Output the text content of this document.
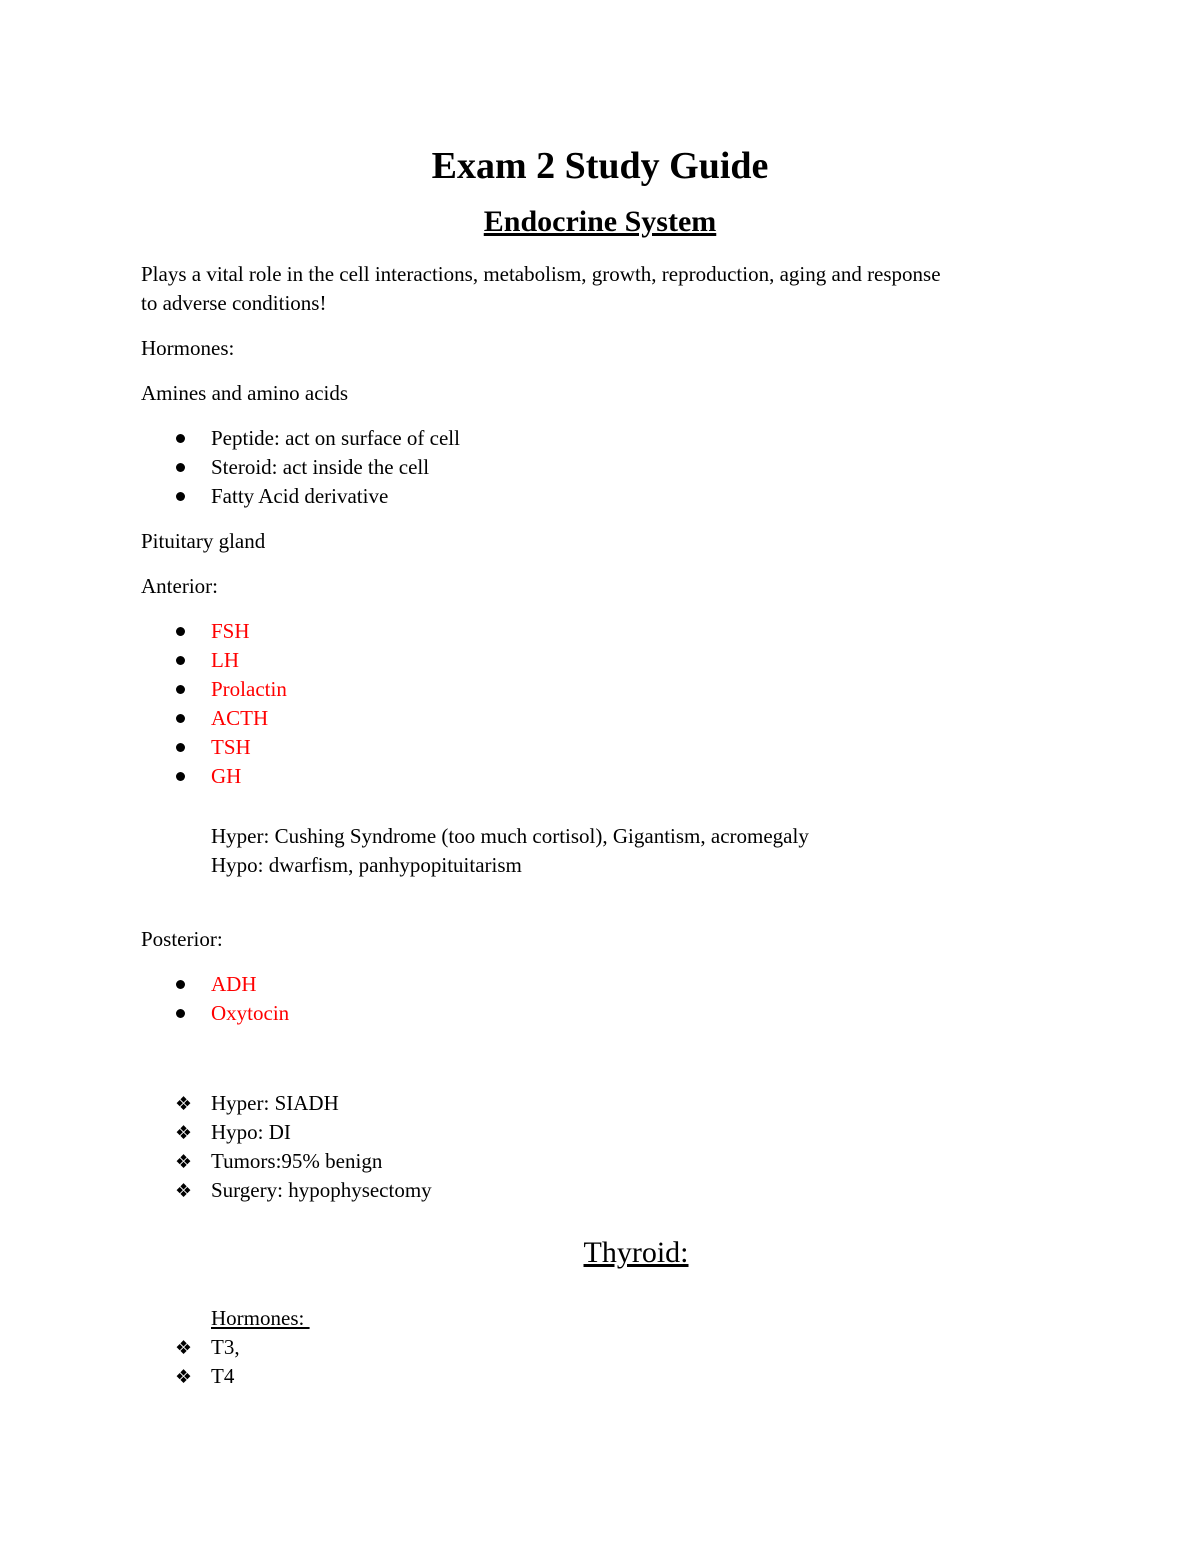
Exam 2 Study Guide
Endocrine System
Plays a vital role in the cell interactions, metabolism, growth, reproduction, aging and response
to adverse conditions!
Hormones:
Amines and amino acids
Peptide: act on surface of cell
Steroid: act inside the cell
Fatty Acid derivative
Pituitary gland
Anterior:
FSH
LH
Prolactin
ACTH
TSH
GH
Hyper: Cushing Syndrome (too much cortisol), Gigantism, acromegaly
Hypo: dwarfism, panhypopituitarism
Posterior:
ADH
Oxytocin
❖ Hyper: SIADH
❖ Hypo: DI
❖ Tumors:95% benign
❖ Surgery: hypophysectomy
Thyroid:
Hormones:
❖ T3,
❖ T4
